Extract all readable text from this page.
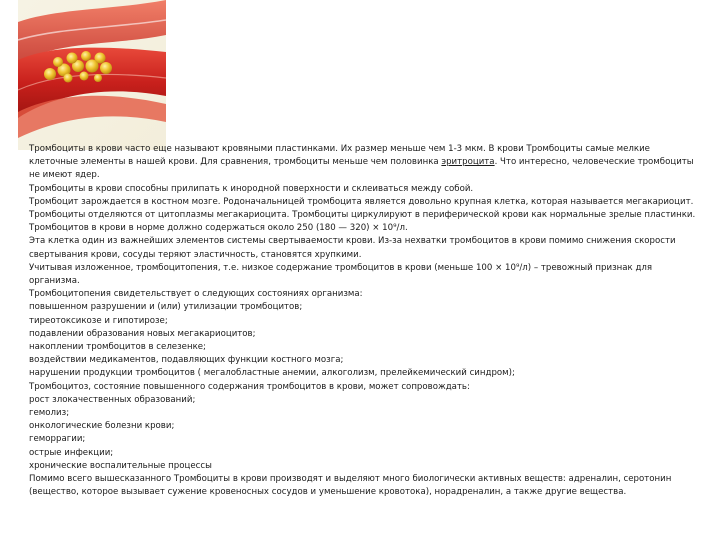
Тромбоциты в крови часто еще называют кровяными пластинками. Их размер меньше чем 1-3 мкм. В крови Тромбоциты самые мелкие клеточные элементы в нашей крови. Для сравнения, тромбоциты меньше чем половинка эритроцита. Что интересно, человеческие тромбоциты не имеют ядер.

Тромбоциты в крови способны прилипать к инородной поверхности и склеиваться между собой.

Тромбоцит зарождается в костном мозге. Родоначальницей тромбоцита является довольно крупная клетка, которая называется мегакариоцит. Тромбоциты отделяются от цитоплазмы мегакариоцита. Тромбоциты циркулируют в периферической крови как нормальные зрелые пластинки. Тромбоцитов в крови в норме должно содержаться около 250 (180 — 320) × 10⁹/л.

Эта клетка один из важнейших элементов системы свертываемости крови. Из-за нехватки тромбоцитов в крови помимо снижения скорости свертывания крови, сосуды теряют эластичность, становятся хрупкими.

Учитывая изложенное, тромбоцитопения, т.е. низкое содержание тромбоцитов в крови (меньше 100 × 10⁹/л) – тревожный признак для организма.

Тромбоцитопения свидетельствует о следующих состояниях организма:

повышенном разрушении и (или) утилизации тромбоцитов;

тиреотоксикозе и гипотирозе;

подавлении образования новых мегакариоцитов;

накоплении тромбоцитов в селезенке;

воздействии медикаментов, подавляющих функции костного мозга;

нарушении продукции тромбоцитов ( мегалобластные анемии, алкоголизм, прелейкемический синдром);

Тромбоцитоз, состояние повышенного содержания тромбоцитов в крови, может сопровождать:

рост злокачественных образований;

гемолиз;

онкологические болезни крови;

геморрагии;

острые инфекции;

хронические воспалительные процессы

Помимо всего вышесказанного Тромбоциты в крови производят и выделяют много биологически активных веществ: адреналин, серотонин (вещество, которое вызывает сужение кровеносных сосудов и уменьшение кровотока), норадреналин, а также другие вещества.
